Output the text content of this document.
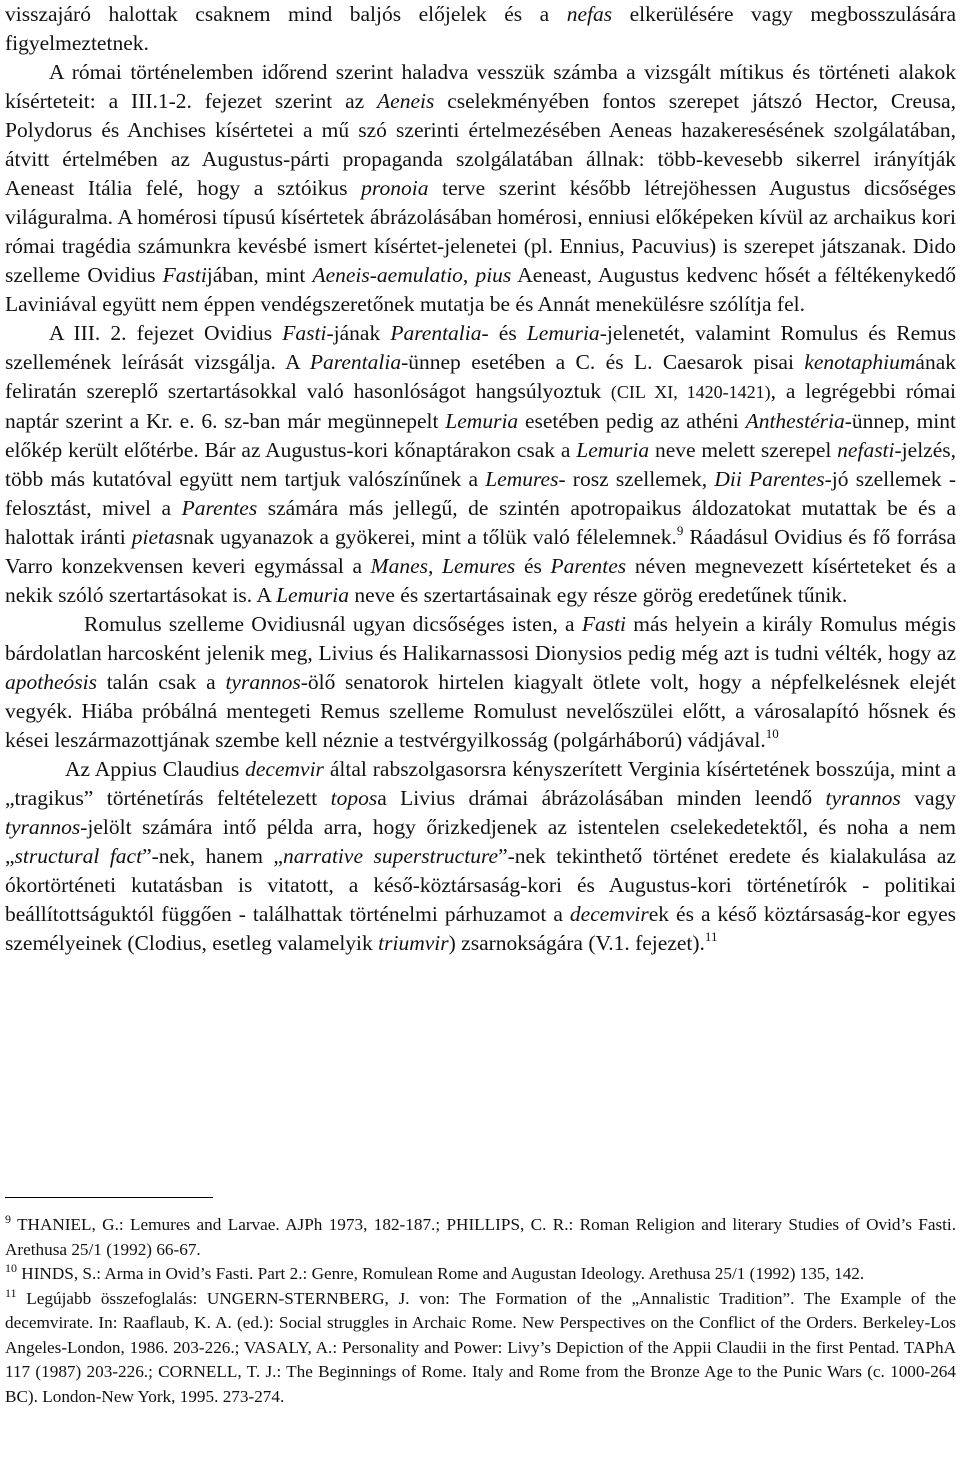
visszajáró halottak csaknem mind baljós előjelek és a nefas elkerülésére vagy megbosszulására figyelmeztetnek.

A római történelemben időrend szerint haladva vesszük számba a vizsgált mítikus és történeti alakok kísérteteit: a III.1-2. fejezet szerint az Aeneis cselekményében fontos szerepet játszó Hector, Creusa, Polydorus és Anchises kísértetei a mű szó szerinti értelmezésében Aeneas hazakeresésének szolgálatában, átvitt értelmében az Augustus-párti propaganda szolgálatában állnak: több-kevesebb sikerrel irányítják Aeneast Itália felé, hogy a sztóikus pronoia terve szerint később létrejöhessen Augustus dicsőséges világuralma. A homérosi típusú kísértetek ábrázolásában homérosi, enniusi előképeken kívül az archaikus kori római tragédia számunkra kevésbé ismert kísértet-jelenetei (pl. Ennius, Pacuvius) is szerepet játszanak. Dido szelleme Ovidius Fastijában, mint Aeneis-aemulatio, pius Aeneast, Augustus kedvenc hősét a féltékenykedő Laviniával együtt nem éppen vendégszeretőnek mutatja be és Annát menekülésre szólítja fel.

A III. 2. fejezet Ovidius Fasti-jának Parentalia- és Lemuria-jelenetét, valamint Romulus és Remus szellemének leírását vizsgálja. A Parentalia-ünnep esetében a C. és L. Caesarok pisai kenotaphiumának feliratán szereplő szertartásokkal való hasonlóságot hangsúlyoztuk (CIL XI, 1420-1421), a legrégebbi római naptár szerint a Kr. e. 6. sz-ban már megünnepelt Lemuria esetében pedig az athéni Anthestéria-ünnep, mint előkép került előtérbe. Bár az Augustus-kori kőnaptárakon csak a Lemuria neve melett szerepel nefasti-jelzés, több más kutatóval együtt nem tartjuk valószínűnek a Lemures- rosz szellemek, Dii Parentes-jó szellemek - felosztást, mivel a Parentes számára más jellegű, de szintén apotropaikus áldozatokat mutattak be és a halottak iránti pietasnak ugyanazok a gyökerei, mint a tőlük való félelemnek.$^9$ Ráadásul Ovidius és fő forrása Varro konzekvensen keveri egymással a Manes, Lemures és Parentes néven megnevezett kísérteteket és a nekik szóló szertartásokat is. A Lemuria neve és szertartásainak egy része görög eredetűnek tűnik.

Romulus szelleme Ovidiusnál ugyan dicsőséges isten, a Fasti más helyein a király Romulus mégis bárdolatlan harcosként jelenik meg, Livius és Halikarnassosi Dionysios pedig még azt is tudni vélték, hogy az apotheósis talán csak a tyrannos-ölő senatorok hirtelen kiagyalt ötlete volt, hogy a népfelkelésnek elejét vegyék. Hiába próbálná mentegeti Remus szelleme Romulust nevelőszülei előtt, a városalapító hősnek és kései leszármazottjának szembe kell néznie a testvérgyilkosság (polgárháború) vádjával.$^{10}$

Az Appius Claudius decemvir által rabszolgasorsra kényszerített Verginia kísértetének bosszúja, mint a „tragikus” történetírás feltételezett toposa Livius drámai ábrázolásában minden leendő tyrannos vagy tyrannos-jelölt számára intő példa arra, hogy őrizkedjenek az istentelen cselekedetektől, és noha a nem „structural fact”-nek, hanem „narrative superstructure”-nek tekinthető történet eredete és kialakulása az ókortörténeti kutatásban is vitatott, a késő-köztársaság-kori és Augustus-kori történetírók - politikai beállítottságuktól függően - találhattak történelmi párhuzamot a decemvirek és a késő köztársaság-kor egyes személyeinek (Clodius, esetleg valamelyik triumvir) zsarnokságára (V.1. fejezet).$^{11}$

$^9$ THANIEL, G.: Lemures and Larvae. AJPh 1973, 182-187.; PHILLIPS, C. R.: Roman Religion and literary Studies of Ovid’s Fasti. Arethusa 25/1 (1992) 66-67.

$^{10}$ HINDS, S.: Arma in Ovid’s Fasti. Part 2.: Genre, Romulean Rome and Augustan Ideology. Arethusa 25/1 (1992) 135, 142.

$^{11}$ Legújabb összefoglalás: UNGERN-STERNBERG, J. von: The Formation of the „Annalistic Tradition”. The Example of the decemvirate. In: Raaflaub, K. A. (ed.): Social struggles in Archaic Rome. New Perspectives on the Conflict of the Orders. Berkeley-Los Angeles-London, 1986. 203-226.; VASALY, A.: Personality and Power: Livy’s Depiction of the Appii Claudii in the first Pentad. TAPhA 117 (1987) 203-226.; CORNELL, T. J.: The Beginnings of Rome. Italy and Rome from the Bronze Age to the Punic Wars (c. 1000-264 BC). London-New York, 1995. 273-274.
